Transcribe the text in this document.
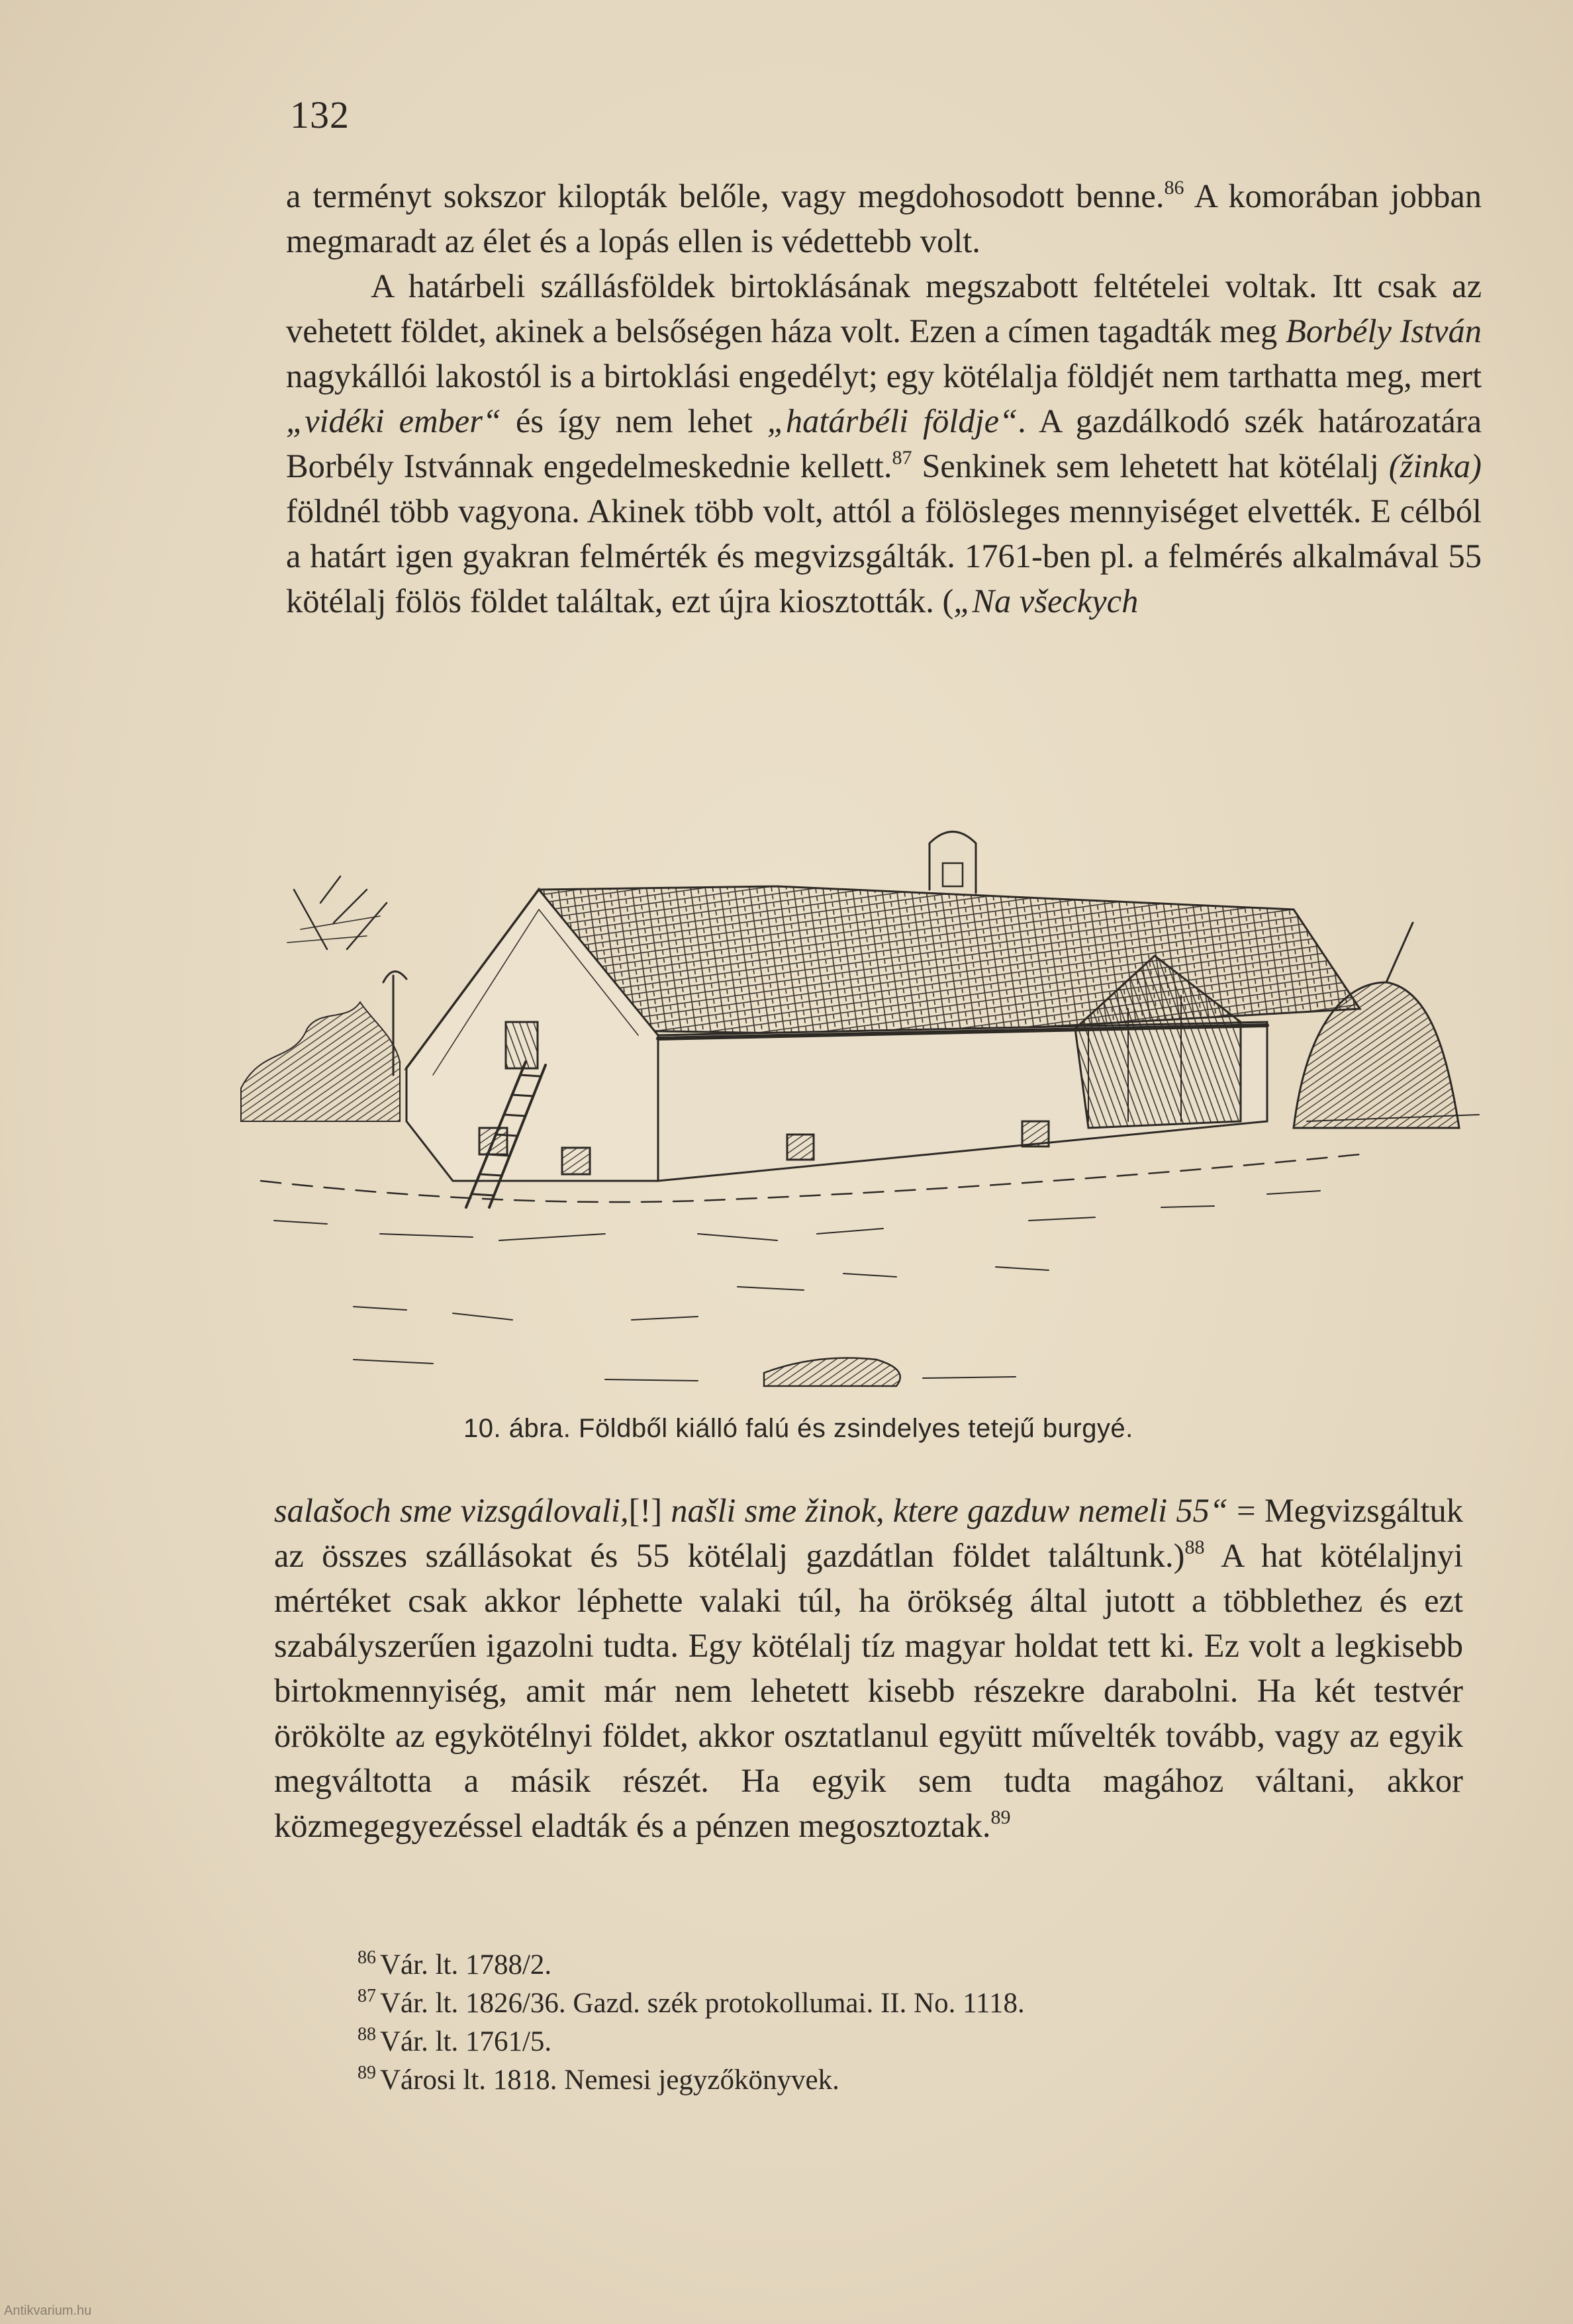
132

a terményt sokszor kilopták belőle, vagy megdohosodott benne.$^{86}$ A komorában jobban megmaradt az élet és a lopás ellen is védettebb volt.

A határbeli szállásföldek birtoklásának megszabott feltételei voltak. Itt csak az vehetett földet, akinek a belsőségen háza volt. Ezen a címen tagadták meg Borbély István nagykállói lakostól is a birtoklási engedélyt; egy kötélalja földjét nem tarthatta meg, mert „vidéki ember“ és így nem lehet „határbéli földje“. A gazdálkodó szék határozatára Borbély Istvánnak engedelmeskednie kellett.$^{87}$ Senkinek sem lehetett hat kötélalj (žinka) földnél több vagyona. Akinek több volt, attól a fölösleges mennyiséget elvették. E célból a határt igen gyakran felmérték és megvizsgálták. 1761-ben pl. a felmérés alkalmával 55 kötélalj fölös földet találtak, ezt újra kiosztották. („Na všeckych

10. ábra. Földből kiálló falú és zsindelyes tetejű burgyé.

salašoch sme vizsgálovali,[!] našli sme žinok, ktere gazduw nemeli 55“ = Megvizsgáltuk az összes szállásokat és 55 kötélalj gazdátlan földet találtunk.)$^{88}$ A hat kötélaljnyi mértéket csak akkor léphette valaki túl, ha örökség által jutott a többlethez és ezt szabályszerűen igazolni tudta. Egy kötélalj tíz magyar holdat tett ki. Ez volt a legkisebb birtokmennyiség, amit már nem lehetett kisebb részekre darabolni. Ha két testvér örökölte az egykötélnyi földet, akkor osztatlanul együtt művelték tovább, vagy az egyik megváltotta a másik részét. Ha egyik sem tudta magához váltani, akkor közmegegyezéssel eladták és a pénzen megosztoztak.$^{89}$

$^{86}$ Vár. lt. 1788/2.
$^{87}$ Vár. lt. 1826/36. Gazd. szék protokollumai. II. No. 1118.
$^{88}$ Vár. lt. 1761/5.
$^{89}$ Városi lt. 1818. Nemesi jegyzőkönyvek.
Antikvarium.hu
